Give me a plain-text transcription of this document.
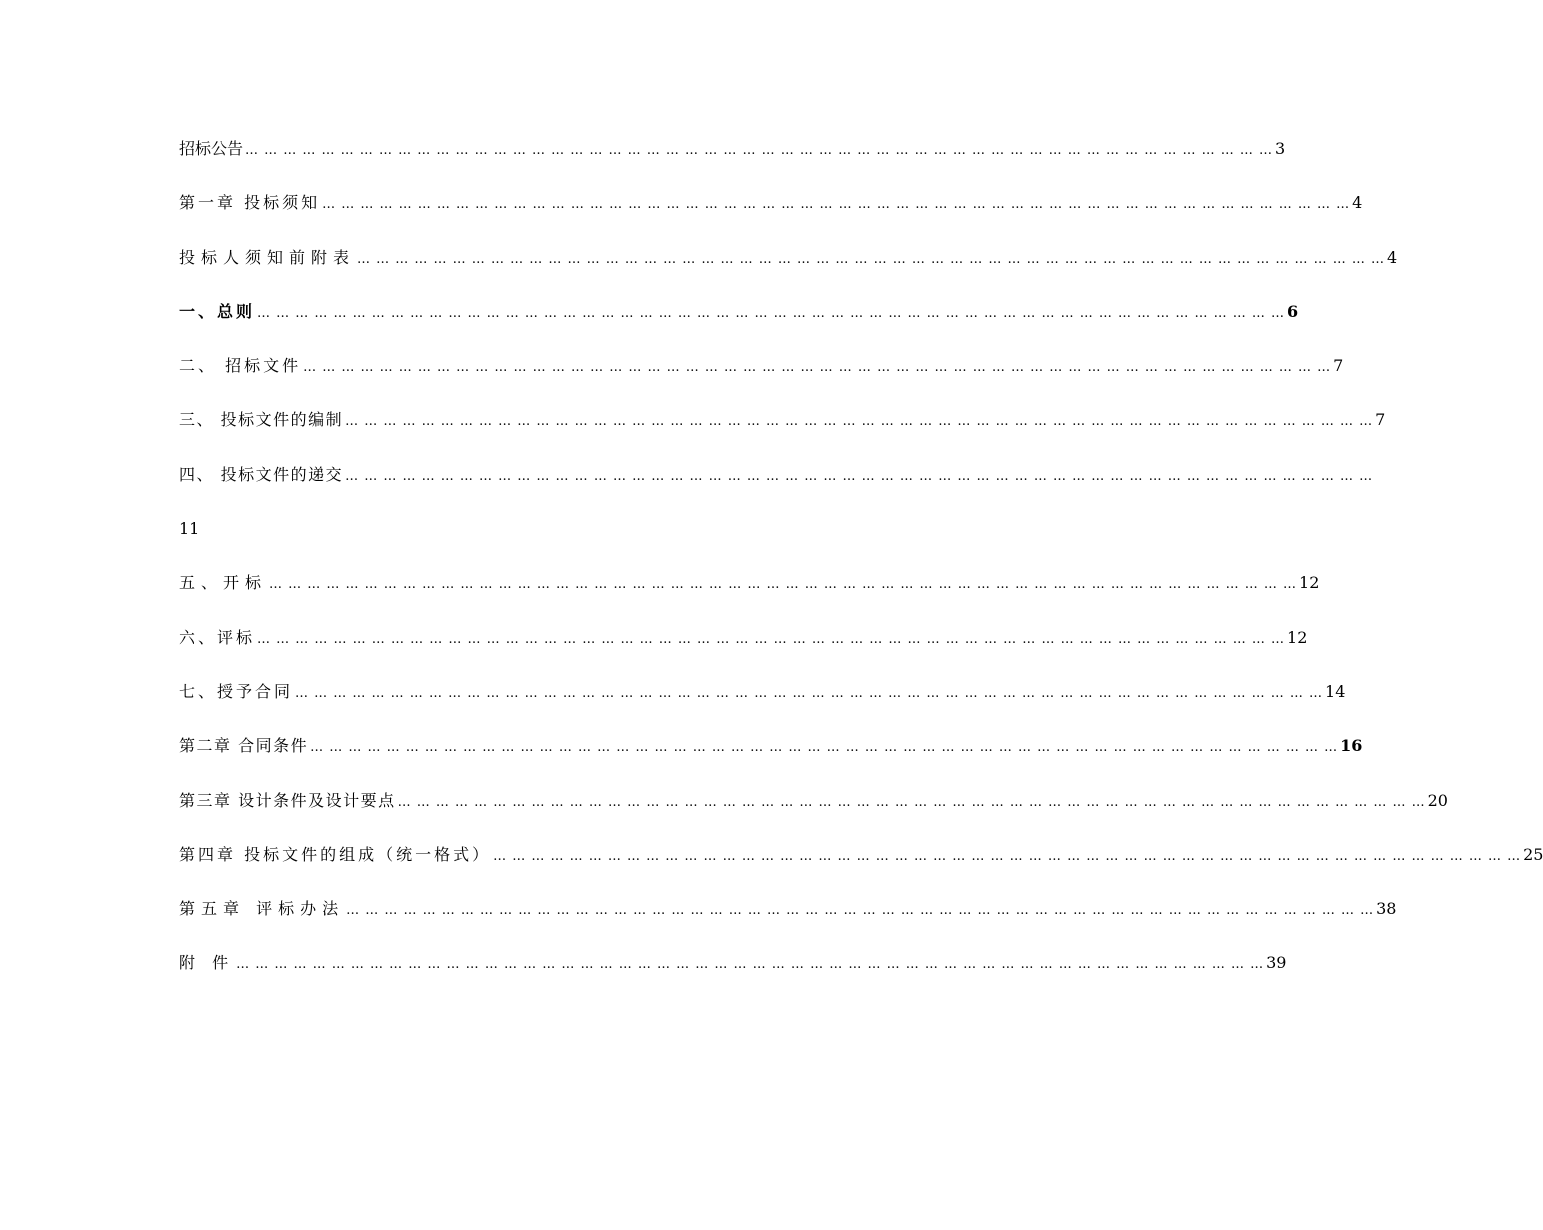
招标公告 … … … … … … … … … … … … … … … … … … … … … … … … … … … … … … … … … … … … … … … … … … … … … … … … … … … … … … 3
第一章 投标须知 … … … … … … … … … … … … … … … … … … … … … … … … … … … … … … … … … … … … … … … … … … … … … … … … … … … … … … 4
投标人须知前附表 … … … … … … … … … … … … … … … … … … … … … … … … … … … … … … … … … … … … … … … … … … … … … … … … … … … … … … 4
一、总则 … … … … … … … … … … … … … … … … … … … … … … … … … … … … … … … … … … … … … … … … … … … … … … … … … … … … … … 6
二、 招标文件 … … … … … … … … … … … … … … … … … … … … … … … … … … … … … … … … … … … … … … … … … … … … … … … … … … … … … … 7
三、 投标文件的编制 … … … … … … … … … … … … … … … … … … … … … … … … … … … … … … … … … … … … … … … … … … … … … … … … … … … … … … 7
四、 投标文件的递交 … … … … … … … … … … … … … … … … … … … … … … … … … … … … … … … … … … … … … … … … … … … … … … … … … … … … … …
11
五、开标 … … … … … … … … … … … … … … … … … … … … … … … … … … … … … … … … … … … … … … … … … … … … … … … … … … … … … … 12
六、评标 … … … … … … … … … … … … … … … … … … … … … … … … … … … … … … … … … … … … … … … … … … … … … … … … … … … … … … 12
七、授予合同 … … … … … … … … … … … … … … … … … … … … … … … … … … … … … … … … … … … … … … … … … … … … … … … … … … … … … … 14
第二章 合同条件 … … … … … … … … … … … … … … … … … … … … … … … … … … … … … … … … … … … … … … … … … … … … … … … … … … … … … … 16
第三章 设计条件及设计要点 … … … … … … … … … … … … … … … … … … … … … … … … … … … … … … … … … … … … … … … … … … … … … … … … … … … … … … 20
第四章 投标文件的组成（统一格式） … … … … … … … … … … … … … … … … … … … … … … … … … … … … … … … … … … … … … … … … … … … … … … … … … … … … … … 25
第五章 评标办法 … … … … … … … … … … … … … … … … … … … … … … … … … … … … … … … … … … … … … … … … … … … … … … … … … … … … … … 38
附 件 … … … … … … … … … … … … … … … … … … … … … … … … … … … … … … … … … … … … … … … … … … … … … … … … … … … … … … 39
